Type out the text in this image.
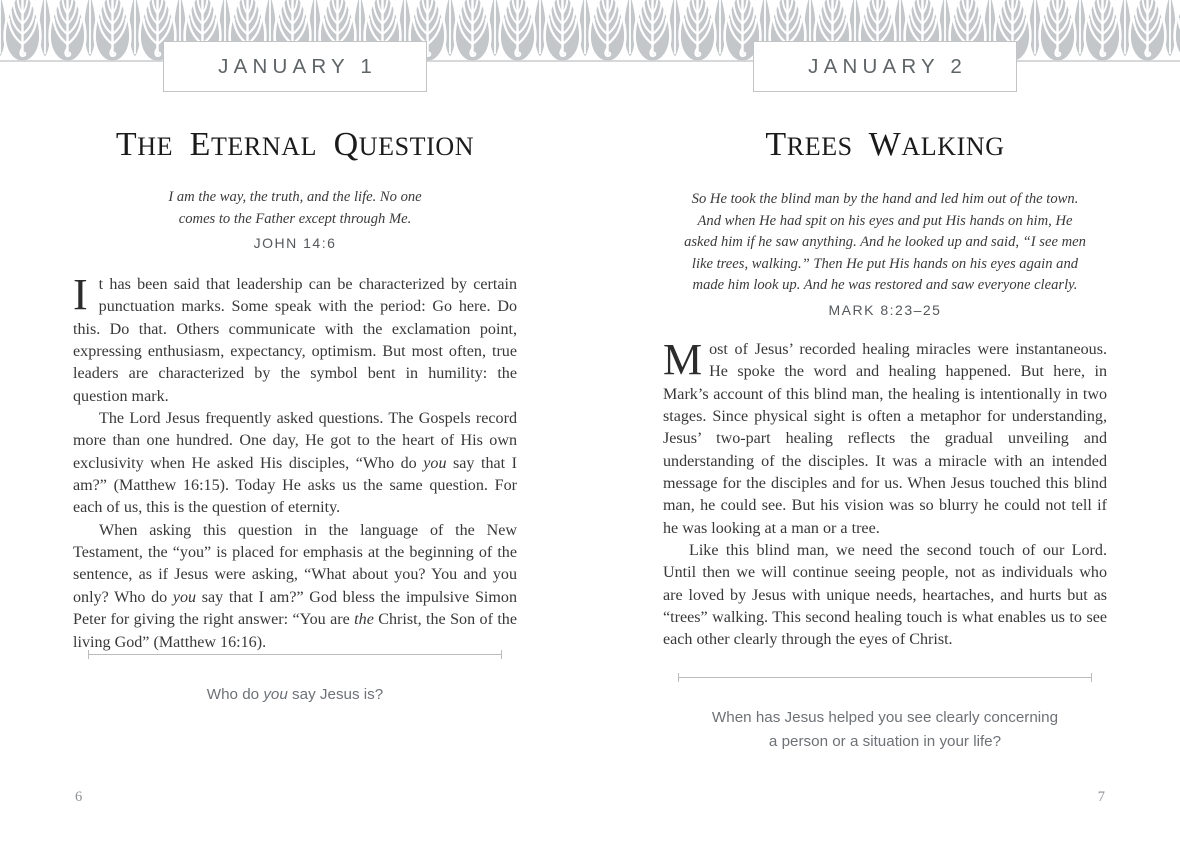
JANUARY 1
THE  ETERNAL  QUESTION
I am the way, the truth, and the life. No one
comes to the Father except through Me.
JOHN 14:6

It has been said that leadership can be characterized by certain punctuation marks. Some speak with the period: Go here. Do this. Do that. Others communicate with the exclamation point, expressing enthusiasm, expectancy, optimism. But most often, true leaders are characterized by the symbol bent in humility: the question mark.

The Lord Jesus frequently asked questions. The Gospels record more than one hundred. One day, He got to the heart of His own exclusivity when He asked His disciples, “Who do you say that I am?” (Matthew 16:15). Today He asks us the same question. For each of us, this is the question of eternity.

When asking this question in the language of the New Testament, the “you” is placed for emphasis at the beginning of the sentence, as if Jesus were asking, “What about you? You and you only? Who do you say that I am?” God bless the impulsive Simon Peter for giving the right answer: “You are the Christ, the Son of the living God” (Matthew 16:16).

Who do you say Jesus is?
6
JANUARY 2
TREES  WALKING
So He took the blind man by the hand and led him out of the town.
And when He had spit on his eyes and put His hands on him, He
asked him if he saw anything. And he looked up and said, “I see men
like trees, walking.” Then He put His hands on his eyes again and
made him look up. And he was restored and saw everyone clearly.
MARK 8:23–25

Most of Jesus’ recorded healing miracles were instantaneous. He spoke the word and healing happened. But here, in Mark’s account of this blind man, the healing is intentionally in two stages. Since physical sight is often a metaphor for understanding, Jesus’ two-part healing reflects the gradual unveiling and understanding of the disciples. It was a miracle with an intended message for the disciples and for us. When Jesus touched this blind man, he could see. But his vision was so blurry he could not tell if he was looking at a man or a tree.

Like this blind man, we need the second touch of our Lord. Until then we will continue seeing people, not as individuals who are loved by Jesus with unique needs, heartaches, and hurts but as “trees” walking. This second healing touch is what enables us to see each other clearly through the eyes of Christ.

When has Jesus helped you see clearly concerning
a person or a situation in your life?
7
